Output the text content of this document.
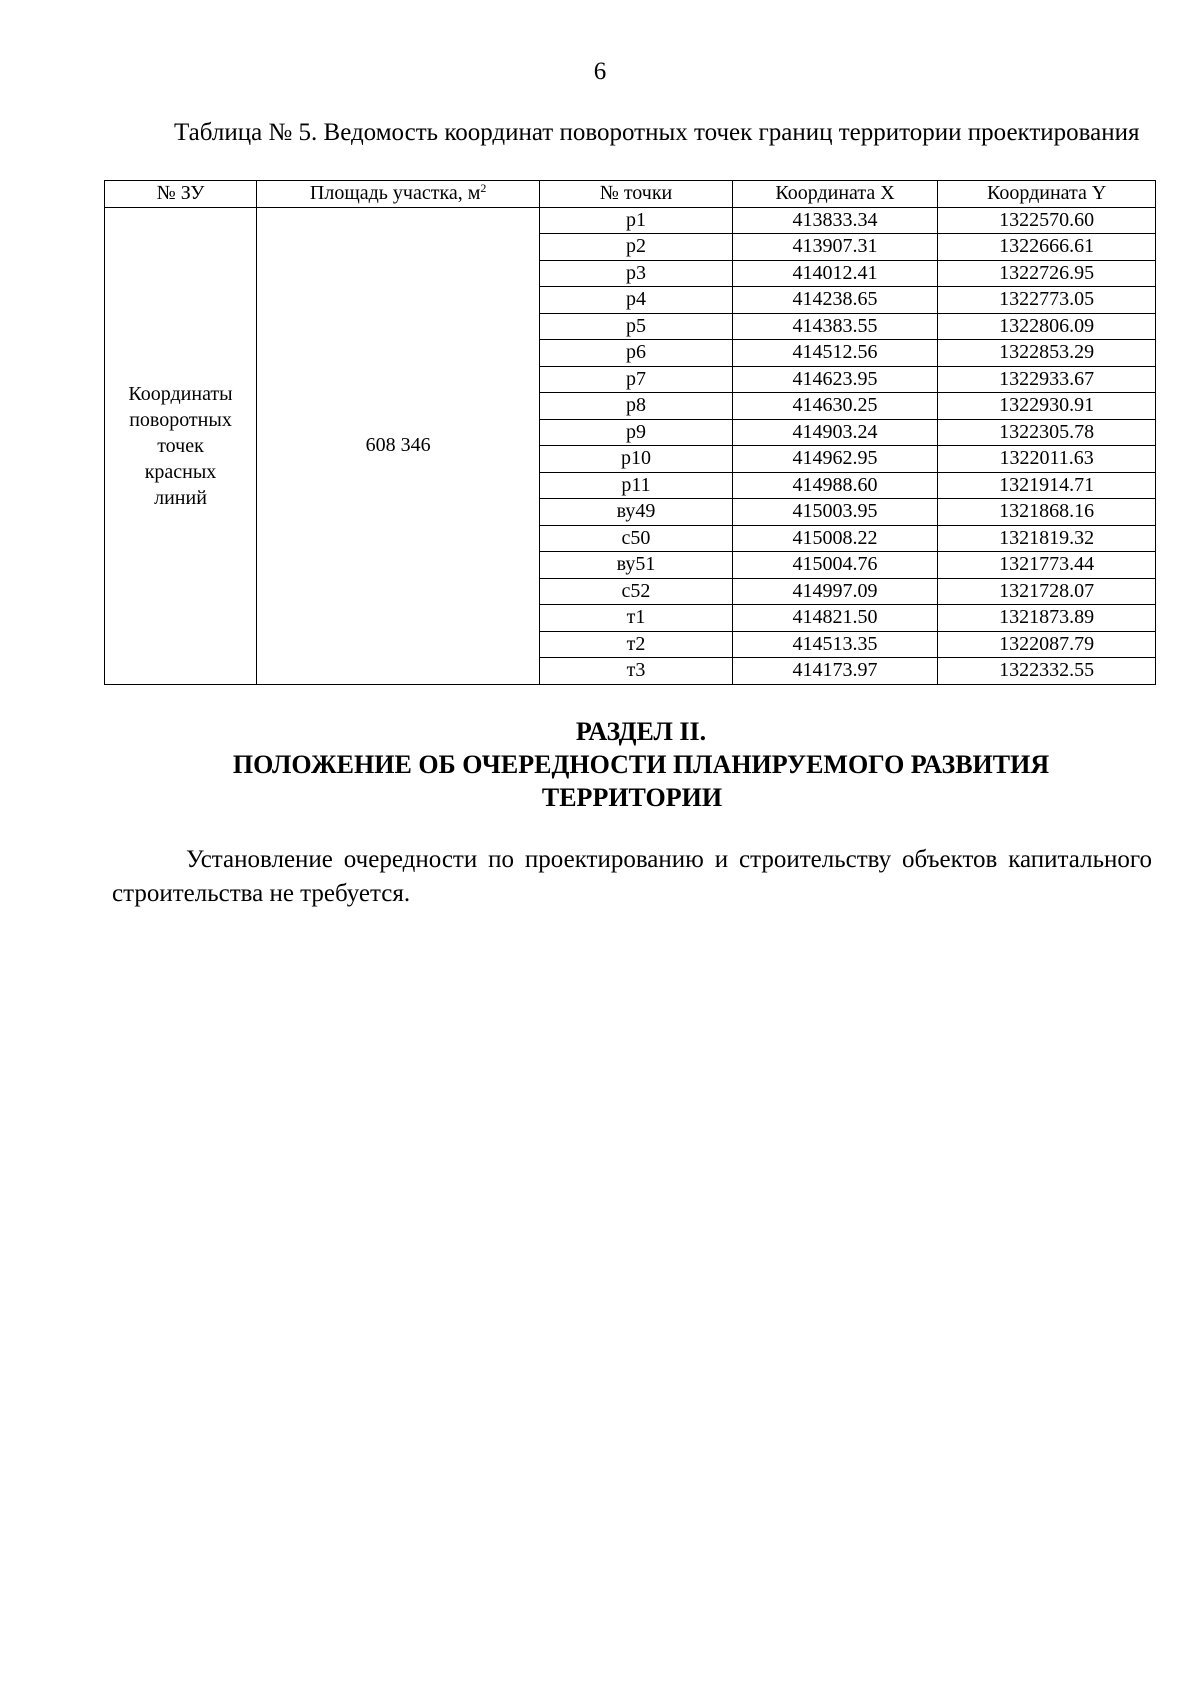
6
Таблица № 5. Ведомость координат поворотных точек границ территории проектирования
№ ЗУ	Площадь участка, $м^2$	№ точки	Координата X	Координата Y

Координаты
поворотных
точек
красных
линий	608 346	р1	413833.34	1322570.60
		р2	413907.31	1322666.61
		р3	414012.41	1322726.95
		р4	414238.65	1322773.05
		р5	414383.55	1322806.09
		р6	414512.56	1322853.29
		р7	414623.95	1322933.67
		р8	414630.25	1322930.91
		р9	414903.24	1322305.78
		р10	414962.95	1322011.63
		р11	414988.60	1321914.71
		ву49	415003.95	1321868.16
		с50	415008.22	1321819.32
		ву51	415004.76	1321773.44
		с52	414997.09	1321728.07
		т1	414821.50	1321873.89
		т2	414513.35	1322087.79
		т3	414173.97	1322332.55
РАЗДЕЛ II.
ПОЛОЖЕНИЕ ОБ ОЧЕРЕДНОСТИ ПЛАНИРУЕМОГО РАЗВИТИЯ
ТЕРРИТОРИИ
Установление очередности по проектированию и строительству объектов капитального строительства не требуется.
